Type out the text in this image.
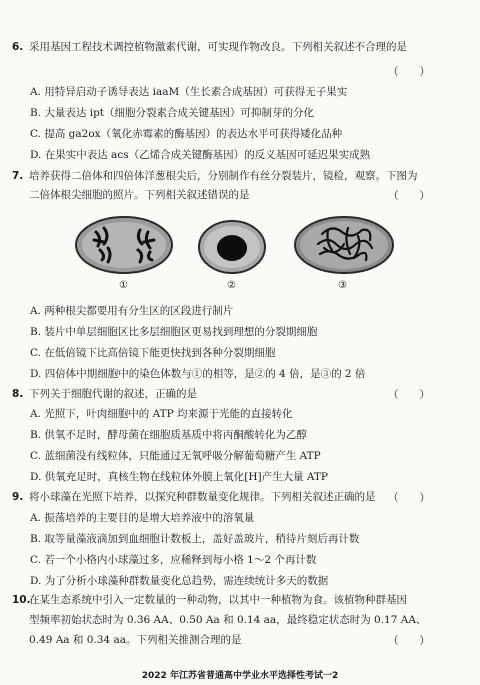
6. 采用基因工程技术调控植物激素代谢，可实现作物改良。下列相关叙述不合理的是
（　　）
A. 用特异启动子诱导表达 iaaM（生长素合成基因）可获得无子果实
B. 大量表达 ipt（细胞分裂素合成关键基因）可抑制芽的分化
C. 提高 ga2ox（氧化赤霉素的酶基因）的表达水平可获得矮化品种
D. 在果实中表达 acs（乙烯合成关键酶基因）的反义基因可延迟果实成熟
7. 培养获得二倍体和四倍体洋葱根尖后，分别制作有丝分裂装片，镜检，观察。下图为
二倍体根尖细胞的照片。下列相关叙述错误的是	（　　）
①	②	③
A. 两种根尖都要用有分生区的区段进行制片
B. 装片中单层细胞区比多层细胞区更易找到理想的分裂期细胞
C. 在低倍镜下比高倍镜下能更快找到各种分裂期细胞
D. 四倍体中期细胞中的染色体数与①的相等，是②的 4 倍，是③的 2 倍
8. 下列关于细胞代谢的叙述，正确的是	（　　）
A. 光照下，叶肉细胞中的 ATP 均来源于光能的直接转化
B. 供氧不足时，酵母菌在细胞质基质中将丙酮酸转化为乙醇
C. 蓝细菌没有线粒体，只能通过无氧呼吸分解葡萄糖产生 ATP
D. 供氧充足时，真核生物在线粒体外膜上氧化[H]产生大量 ATP
9. 将小球藻在光照下培养，以探究种群数量变化规律。下列相关叙述正确的是	（　　）
A. 振荡培养的主要目的是增大培养液中的溶氧量
B. 取等量藻液滴加到血细胞计数板上，盖好盖玻片，稍待片刻后再计数
C. 若一个小格内小球藻过多，应稀释到每小格 1～2 个再计数
D. 为了分析小球藻种群数量变化总趋势，需连续统计多天的数据
10.在某生态系统中引入一定数量的一种动物，以其中一种植物为食。该植物种群基因
型频率初始状态时为 0.36 AA、0.50 Aa 和 0.14 aa，最终稳定状态时为 0.17 AA、
0.49 Aa 和 0.34 aa。下列相关推测合理的是	（　　）
2022 年江苏省普通高中学业水平选择性考试一2
